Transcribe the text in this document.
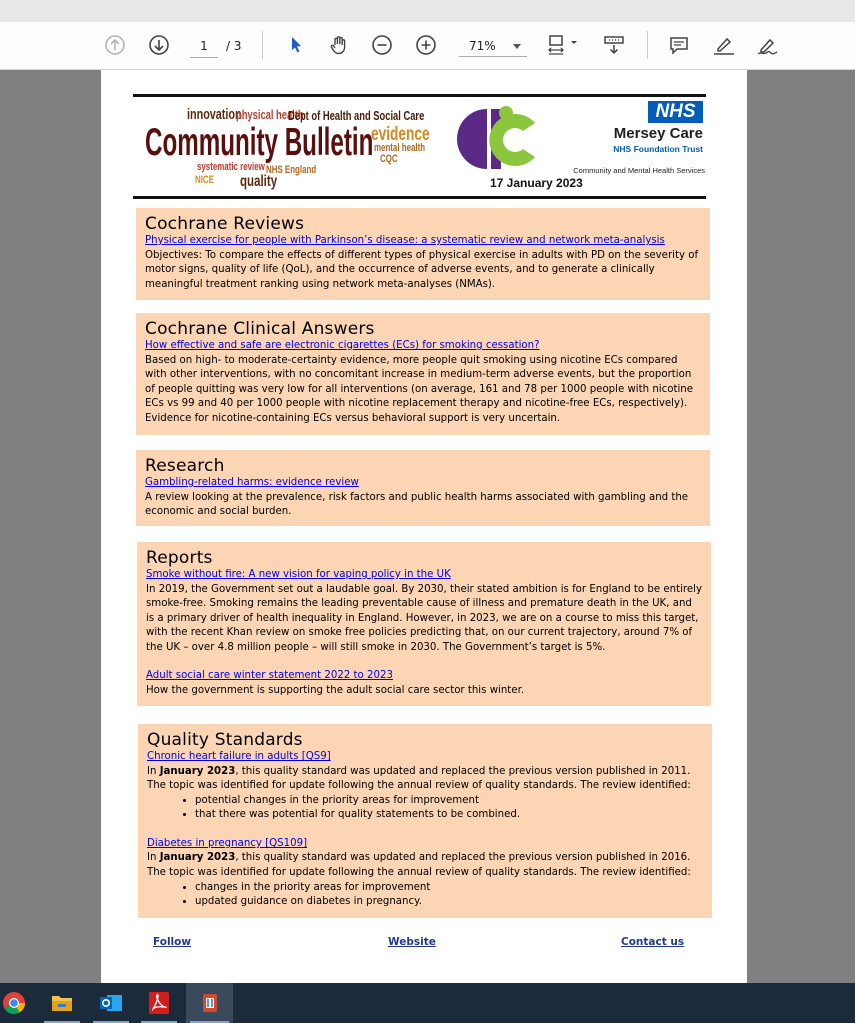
1	/ 3	71%
innovation
physical health
Dept of Health and Social Care
Community Bulletin
evidence
mental health
CQC
systematic review NHS England
NICE quality
cpc	NHS
Mersey Care
NHS Foundation Trust
Community and Mental Health Services
17 January 2023
Cochrane Reviews
Physical exercise for people with Parkinson’s disease: a systematic review and network meta-analysis
Objectives: To compare the effects of different types of physical exercise in adults with PD on the severity of motor signs, quality of life (QoL), and the occurrence of adverse events, and to generate a clinically meaningful treatment ranking using network meta-analyses (NMAs).
Cochrane Clinical Answers
How effective and safe are electronic cigarettes (ECs) for smoking cessation?
Based on high- to moderate-certainty evidence, more people quit smoking using nicotine ECs compared with other interventions, with no concomitant increase in medium-term adverse events, but the proportion of people quitting was very low for all interventions (on average, 161 and 78 per 1000 people with nicotine ECs vs 99 and 40 per 1000 people with nicotine replacement therapy and nicotine-free ECs, respectively). Evidence for nicotine-containing ECs versus behavioral support is very uncertain.
Research
Gambling-related harms: evidence review
A review looking at the prevalence, risk factors and public health harms associated with gambling and the economic and social burden.
Reports
Smoke without fire: A new vision for vaping policy in the UK
In 2019, the Government set out a laudable goal. By 2030, their stated ambition is for England to be entirely smoke-free. Smoking remains the leading preventable cause of illness and premature death in the UK, and is a primary driver of health inequality in England. However, in 2023, we are on a course to miss this target, with the recent Khan review on smoke free policies predicting that, on our current trajectory, around 7% of the UK – over 4.8 million people – will still smoke in 2030. The Government’s target is 5%.
Adult social care winter statement 2022 to 2023
How the government is supporting the adult social care sector this winter.
Quality Standards
Chronic heart failure in adults [QS9]
In January 2023, this quality standard was updated and replaced the previous version published in 2011. The topic was identified for update following the annual review of quality standards. The review identified:
• potential changes in the priority areas for improvement
• that there was potential for quality statements to be combined.
Diabetes in pregnancy [QS109]
In January 2023, this quality standard was updated and replaced the previous version published in 2016. The topic was identified for update following the annual review of quality standards. The review identified:
• changes in the priority areas for improvement
• updated guidance on diabetes in pregnancy.
Follow	Website	Contact us
